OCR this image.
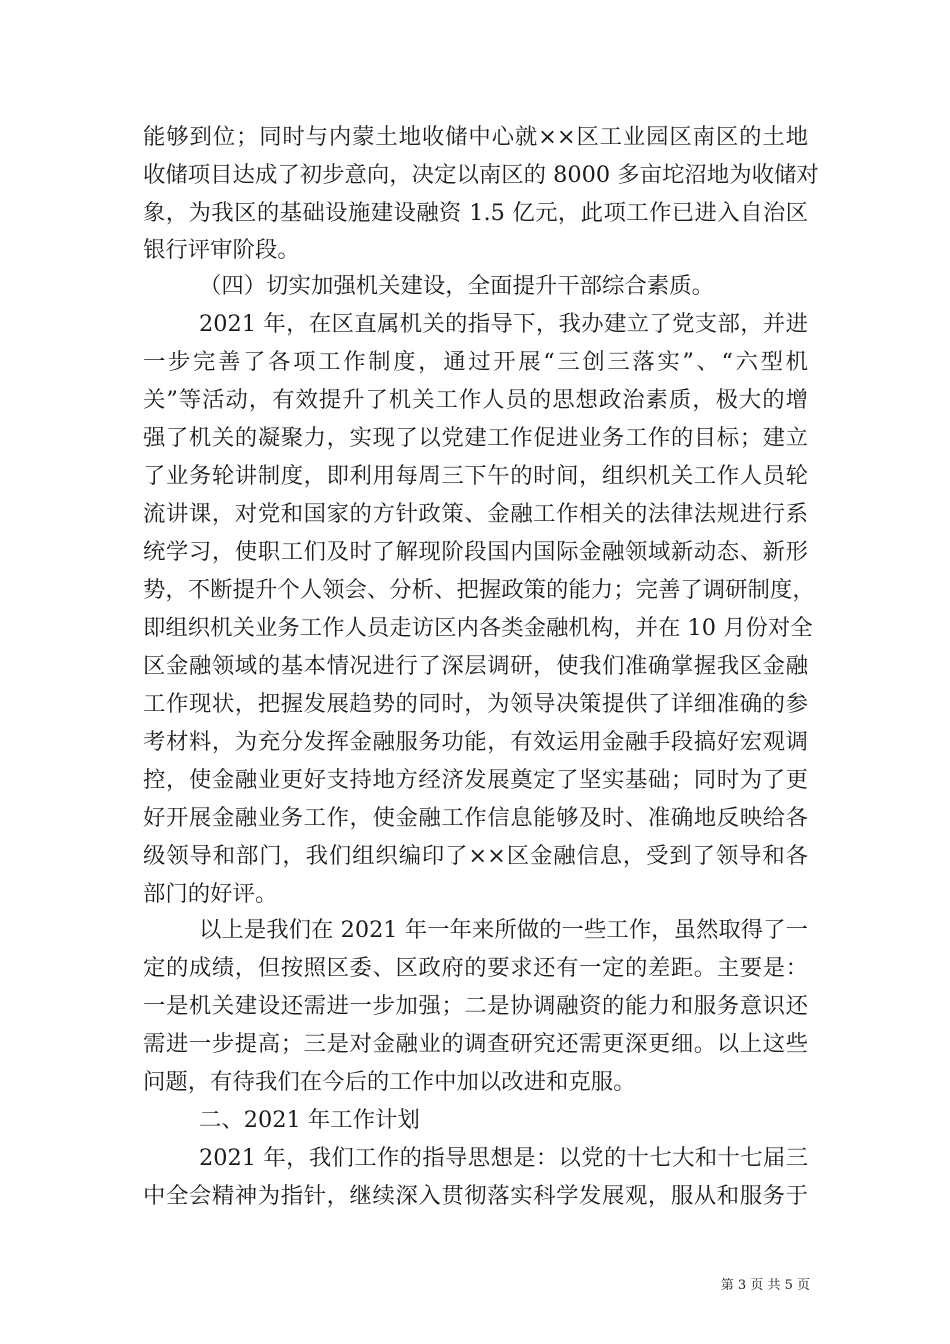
能够到位；同时与内蒙土地收储中心就××区工业园区南区的土地
收储项目达成了初步意向，决定以南区的 8000 多亩坨沼地为收储对
象，为我区的基础设施建设融资 1.5 亿元，此项工作已进入自治区
银行评审阶段。
（四）切实加强机关建设，全面提升干部综合素质。
2021 年，在区直属机关的指导下，我办建立了党支部，并进
一步完善了各项工作制度，通过开展“三创三落实”、“六型机
关”等活动，有效提升了机关工作人员的思想政治素质，极大的增
强了机关的凝聚力，实现了以党建工作促进业务工作的目标；建立
了业务轮讲制度，即利用每周三下午的时间，组织机关工作人员轮
流讲课，对党和国家的方针政策、金融工作相关的法律法规进行系
统学习，使职工们及时了解现阶段国内国际金融领域新动态、新形
势，不断提升个人领会、分析、把握政策的能力；完善了调研制度，
即组织机关业务工作人员走访区内各类金融机构，并在 10 月份对全
区金融领域的基本情况进行了深层调研，使我们准确掌握我区金融
工作现状，把握发展趋势的同时，为领导决策提供了详细准确的参
考材料，为充分发挥金融服务功能，有效运用金融手段搞好宏观调
控，使金融业更好支持地方经济发展奠定了坚实基础；同时为了更
好开展金融业务工作，使金融工作信息能够及时、准确地反映给各
级领导和部门，我们组织编印了××区金融信息，受到了领导和各
部门的好评。
以上是我们在 2021 年一年来所做的一些工作，虽然取得了一
定的成绩，但按照区委、区政府的要求还有一定的差距。主要是：
一是机关建设还需进一步加强；二是协调融资的能力和服务意识还
需进一步提高；三是对金融业的调查研究还需更深更细。以上这些
问题，有待我们在今后的工作中加以改进和克服。
二、2021 年工作计划
2021 年，我们工作的指导思想是：以党的十七大和十七届三
中全会精神为指针，继续深入贯彻落实科学发展观，服从和服务于
第 3 页 共 5 页
